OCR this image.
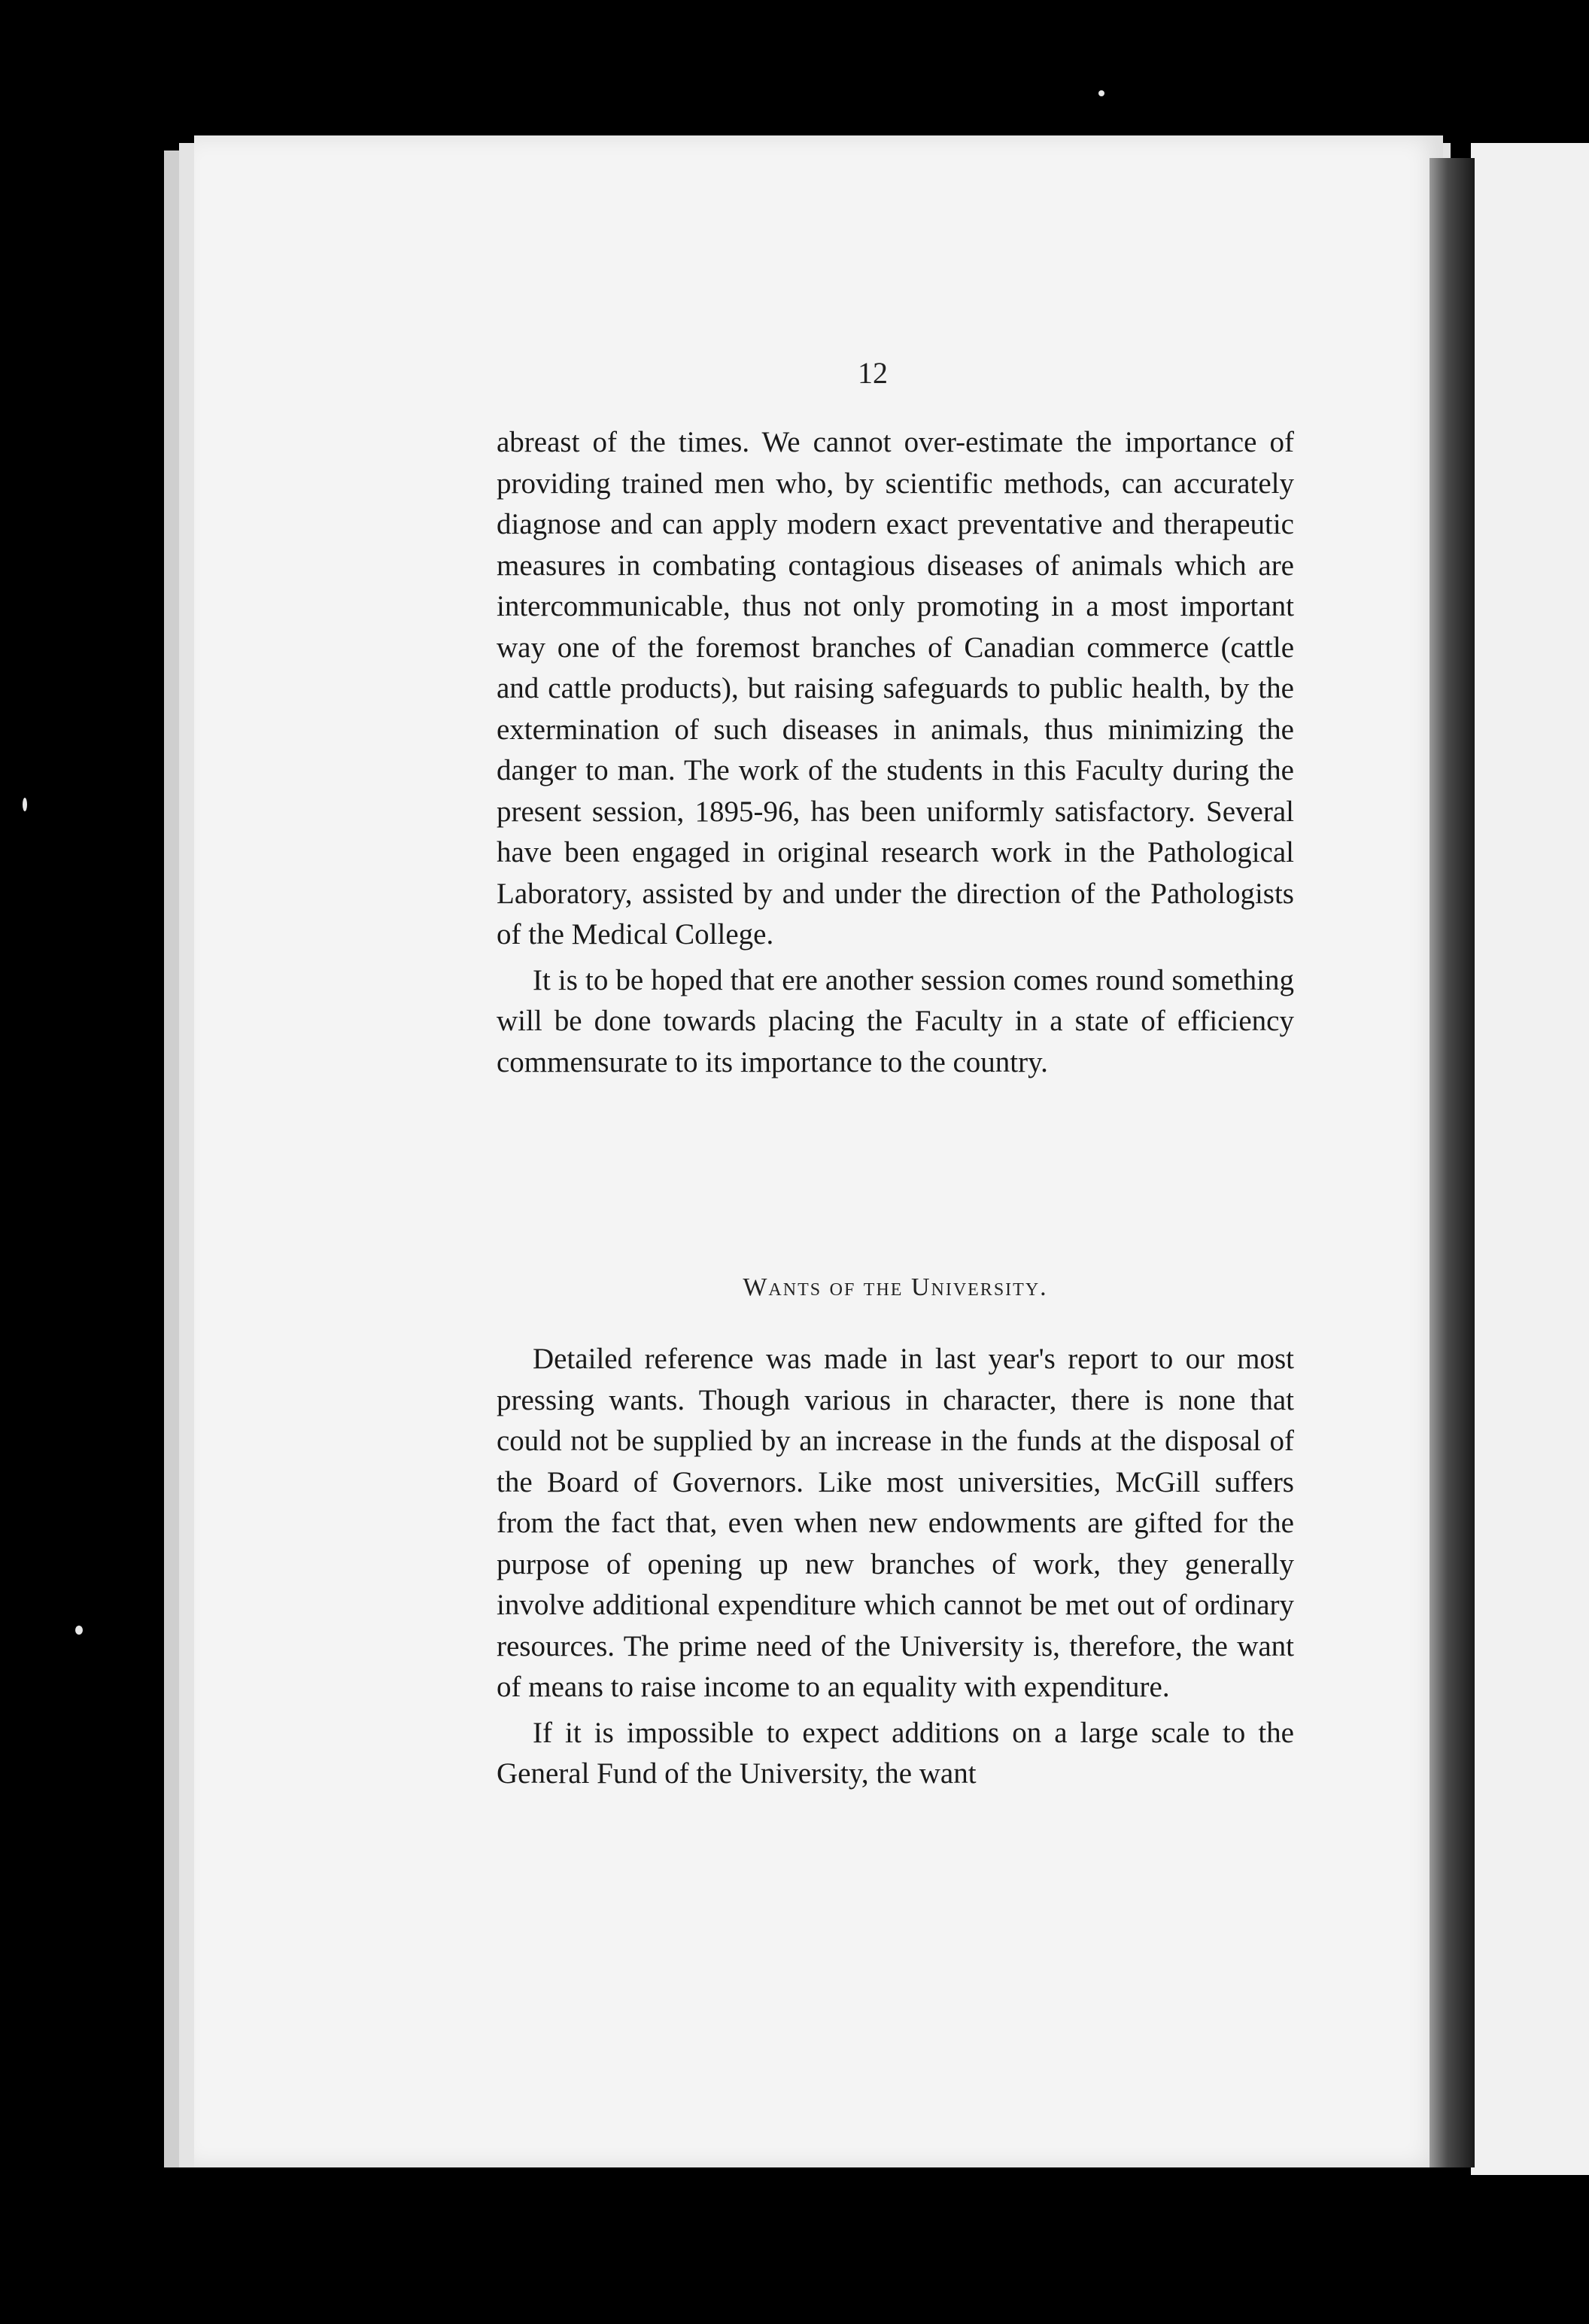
12

abreast of the times. We cannot over-estimate the importance of providing trained men who, by scientific methods, can accurately diagnose and can apply modern exact preventative and therapeutic measures in combating contagious diseases of animals which are intercommunicable, thus not only promoting in a most important way one of the foremost branches of Canadian commerce (cattle and cattle products), but raising safeguards to public health, by the extermination of such diseases in animals, thus minimizing the danger to man. The work of the students in this Faculty during the present session, 1895-96, has been uniformly satisfactory. Several have been engaged in original research work in the Pathological Laboratory, assisted by and under the direction of the Pathologists of the Medical College.

It is to be hoped that ere another session comes round something will be done towards placing the Faculty in a state of efficiency commensurate to its importance to the country.

Wants of the University.

Detailed reference was made in last year's report to our most pressing wants. Though various in character, there is none that could not be supplied by an increase in the funds at the disposal of the Board of Governors. Like most universities, McGill suffers from the fact that, even when new endowments are gifted for the purpose of opening up new branches of work, they generally involve additional expenditure which cannot be met out of ordinary resources. The prime need of the University is, therefore, the want of means to raise income to an equality with expenditure.

If it is impossible to expect additions on a large scale to the General Fund of the University, the want
